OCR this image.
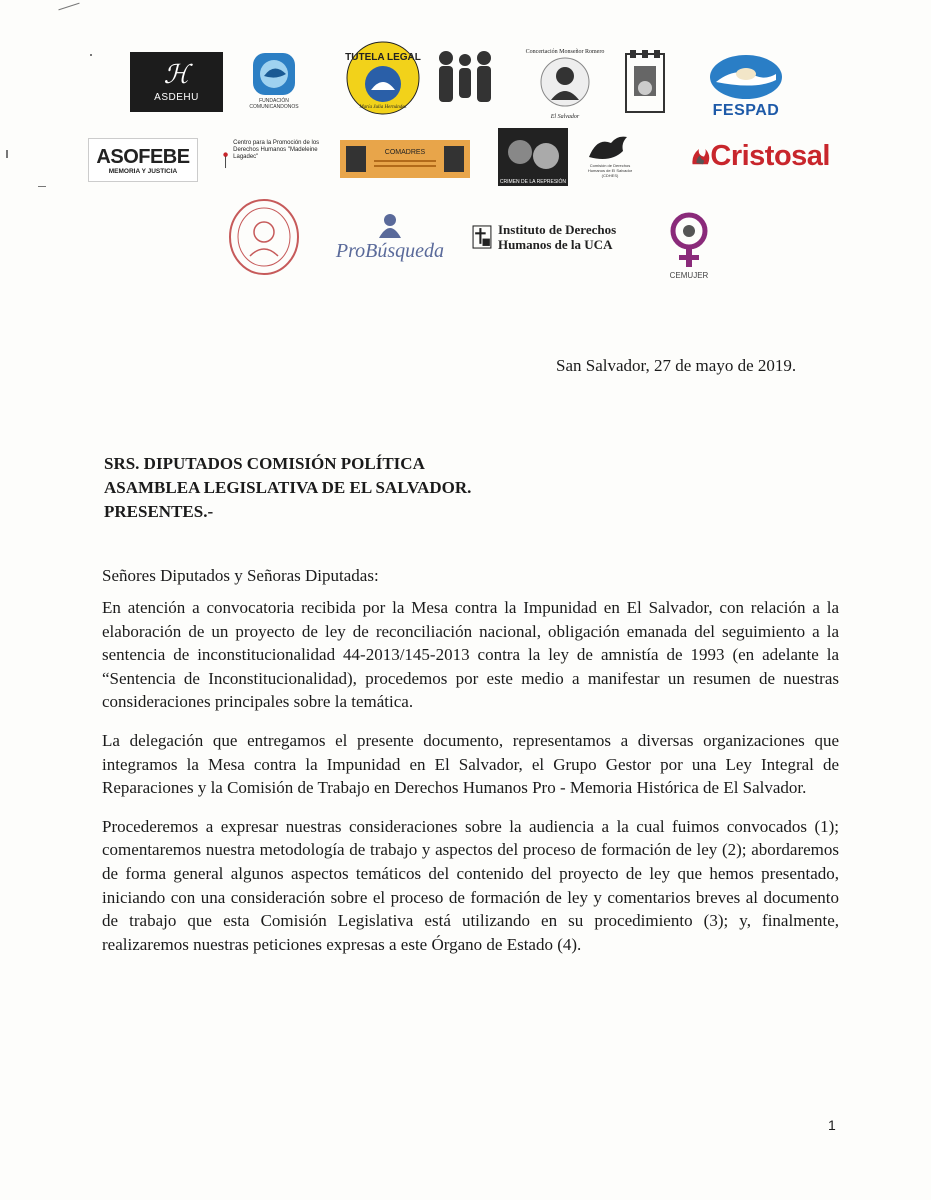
ℋ
ASDEHU	FUNDACIÓN COMUNICANDONOS
TUTELA LEGAL
María Julia Hernández
Concertación Monseñor Romero
El Salvador	FESPAD
ASOFEBE
MEMORIA Y JUSTICIA
Centro para la Promoción de los Derechos Humanos "Madeleine Lagadec"
COMADRES
CRIMEN DE LA REPRESIÓN
Comisión de Derechos Humanos de El Salvador (CDHES)
Cristosal
ProBúsqueda
Instituto de Derechos Humanos de la UCA
CEMUJER
San Salvador, 27 de mayo de 2019.
SRS. DIPUTADOS COMISIÓN POLÍTICA
ASAMBLEA LEGISLATIVA DE EL SALVADOR.
PRESENTES.-
Señores Diputados y Señoras Diputadas:

En atención a convocatoria recibida por la Mesa contra la Impunidad en El Salvador, con relación a la elaboración de un proyecto de ley de reconciliación nacional, obligación emanada del seguimiento a la sentencia de inconstitucionalidad 44-2013/145-2013 contra la ley de amnistía de 1993 (en adelante la “Sentencia de Inconstitucionalidad), procedemos por este medio a manifestar un resumen de nuestras consideraciones principales sobre la temática.

La delegación que entregamos el presente documento, representamos a diversas organizaciones que integramos la Mesa contra la Impunidad en El Salvador, el Grupo Gestor por una Ley Integral de Reparaciones y la Comisión de Trabajo en Derechos Humanos Pro - Memoria Histórica de El Salvador.

Procederemos a expresar nuestras consideraciones sobre la audiencia a la cual fuimos convocados (1); comentaremos nuestra metodología de trabajo y aspectos del proceso de formación de ley (2); abordaremos de forma general algunos aspectos temáticos del contenido del proyecto de ley que hemos presentado, iniciando con una consideración sobre el proceso de formación de ley y comentarios breves al documento de trabajo que esta Comisión Legislativa está utilizando en su procedimiento (3); y, finalmente, realizaremos nuestras peticiones expresas a este Órgano de Estado (4).

1
